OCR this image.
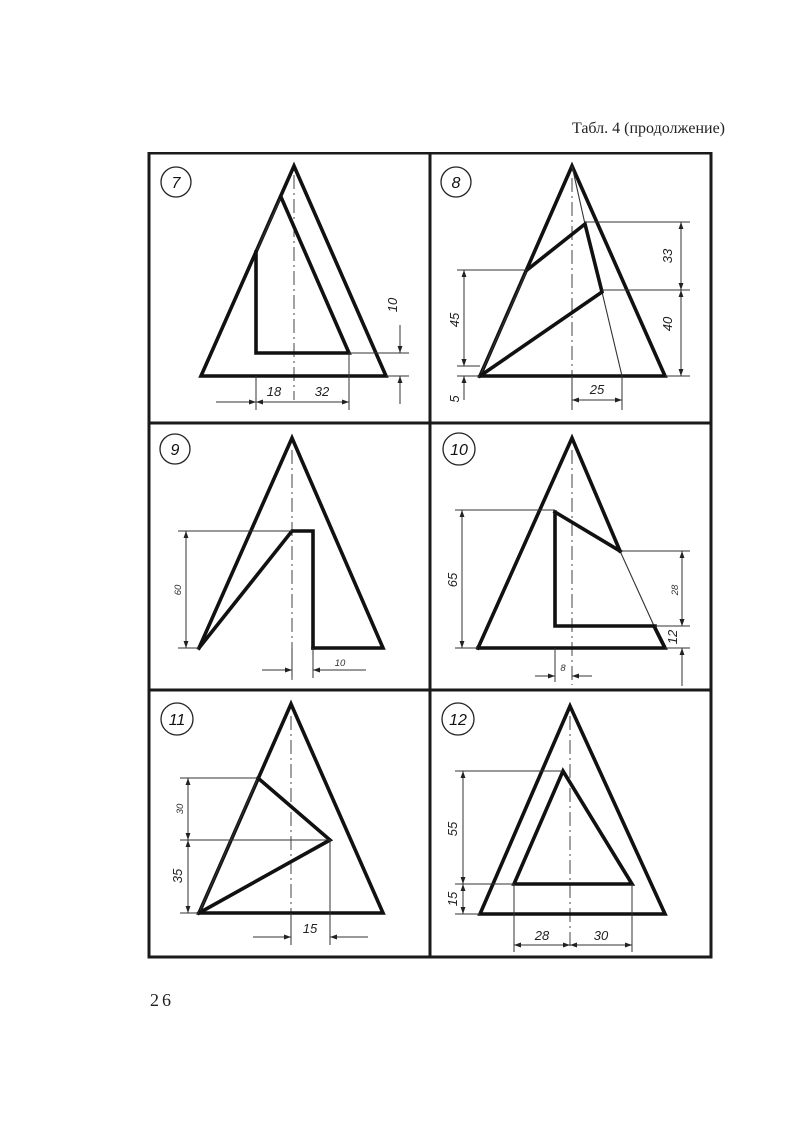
Табл. 4 (продолжение)
7
10
18	32
8
33
45	40
5
25
9
60
10
10
65
28
12
8
11
30
35
15
12
55
15
28	30
26
